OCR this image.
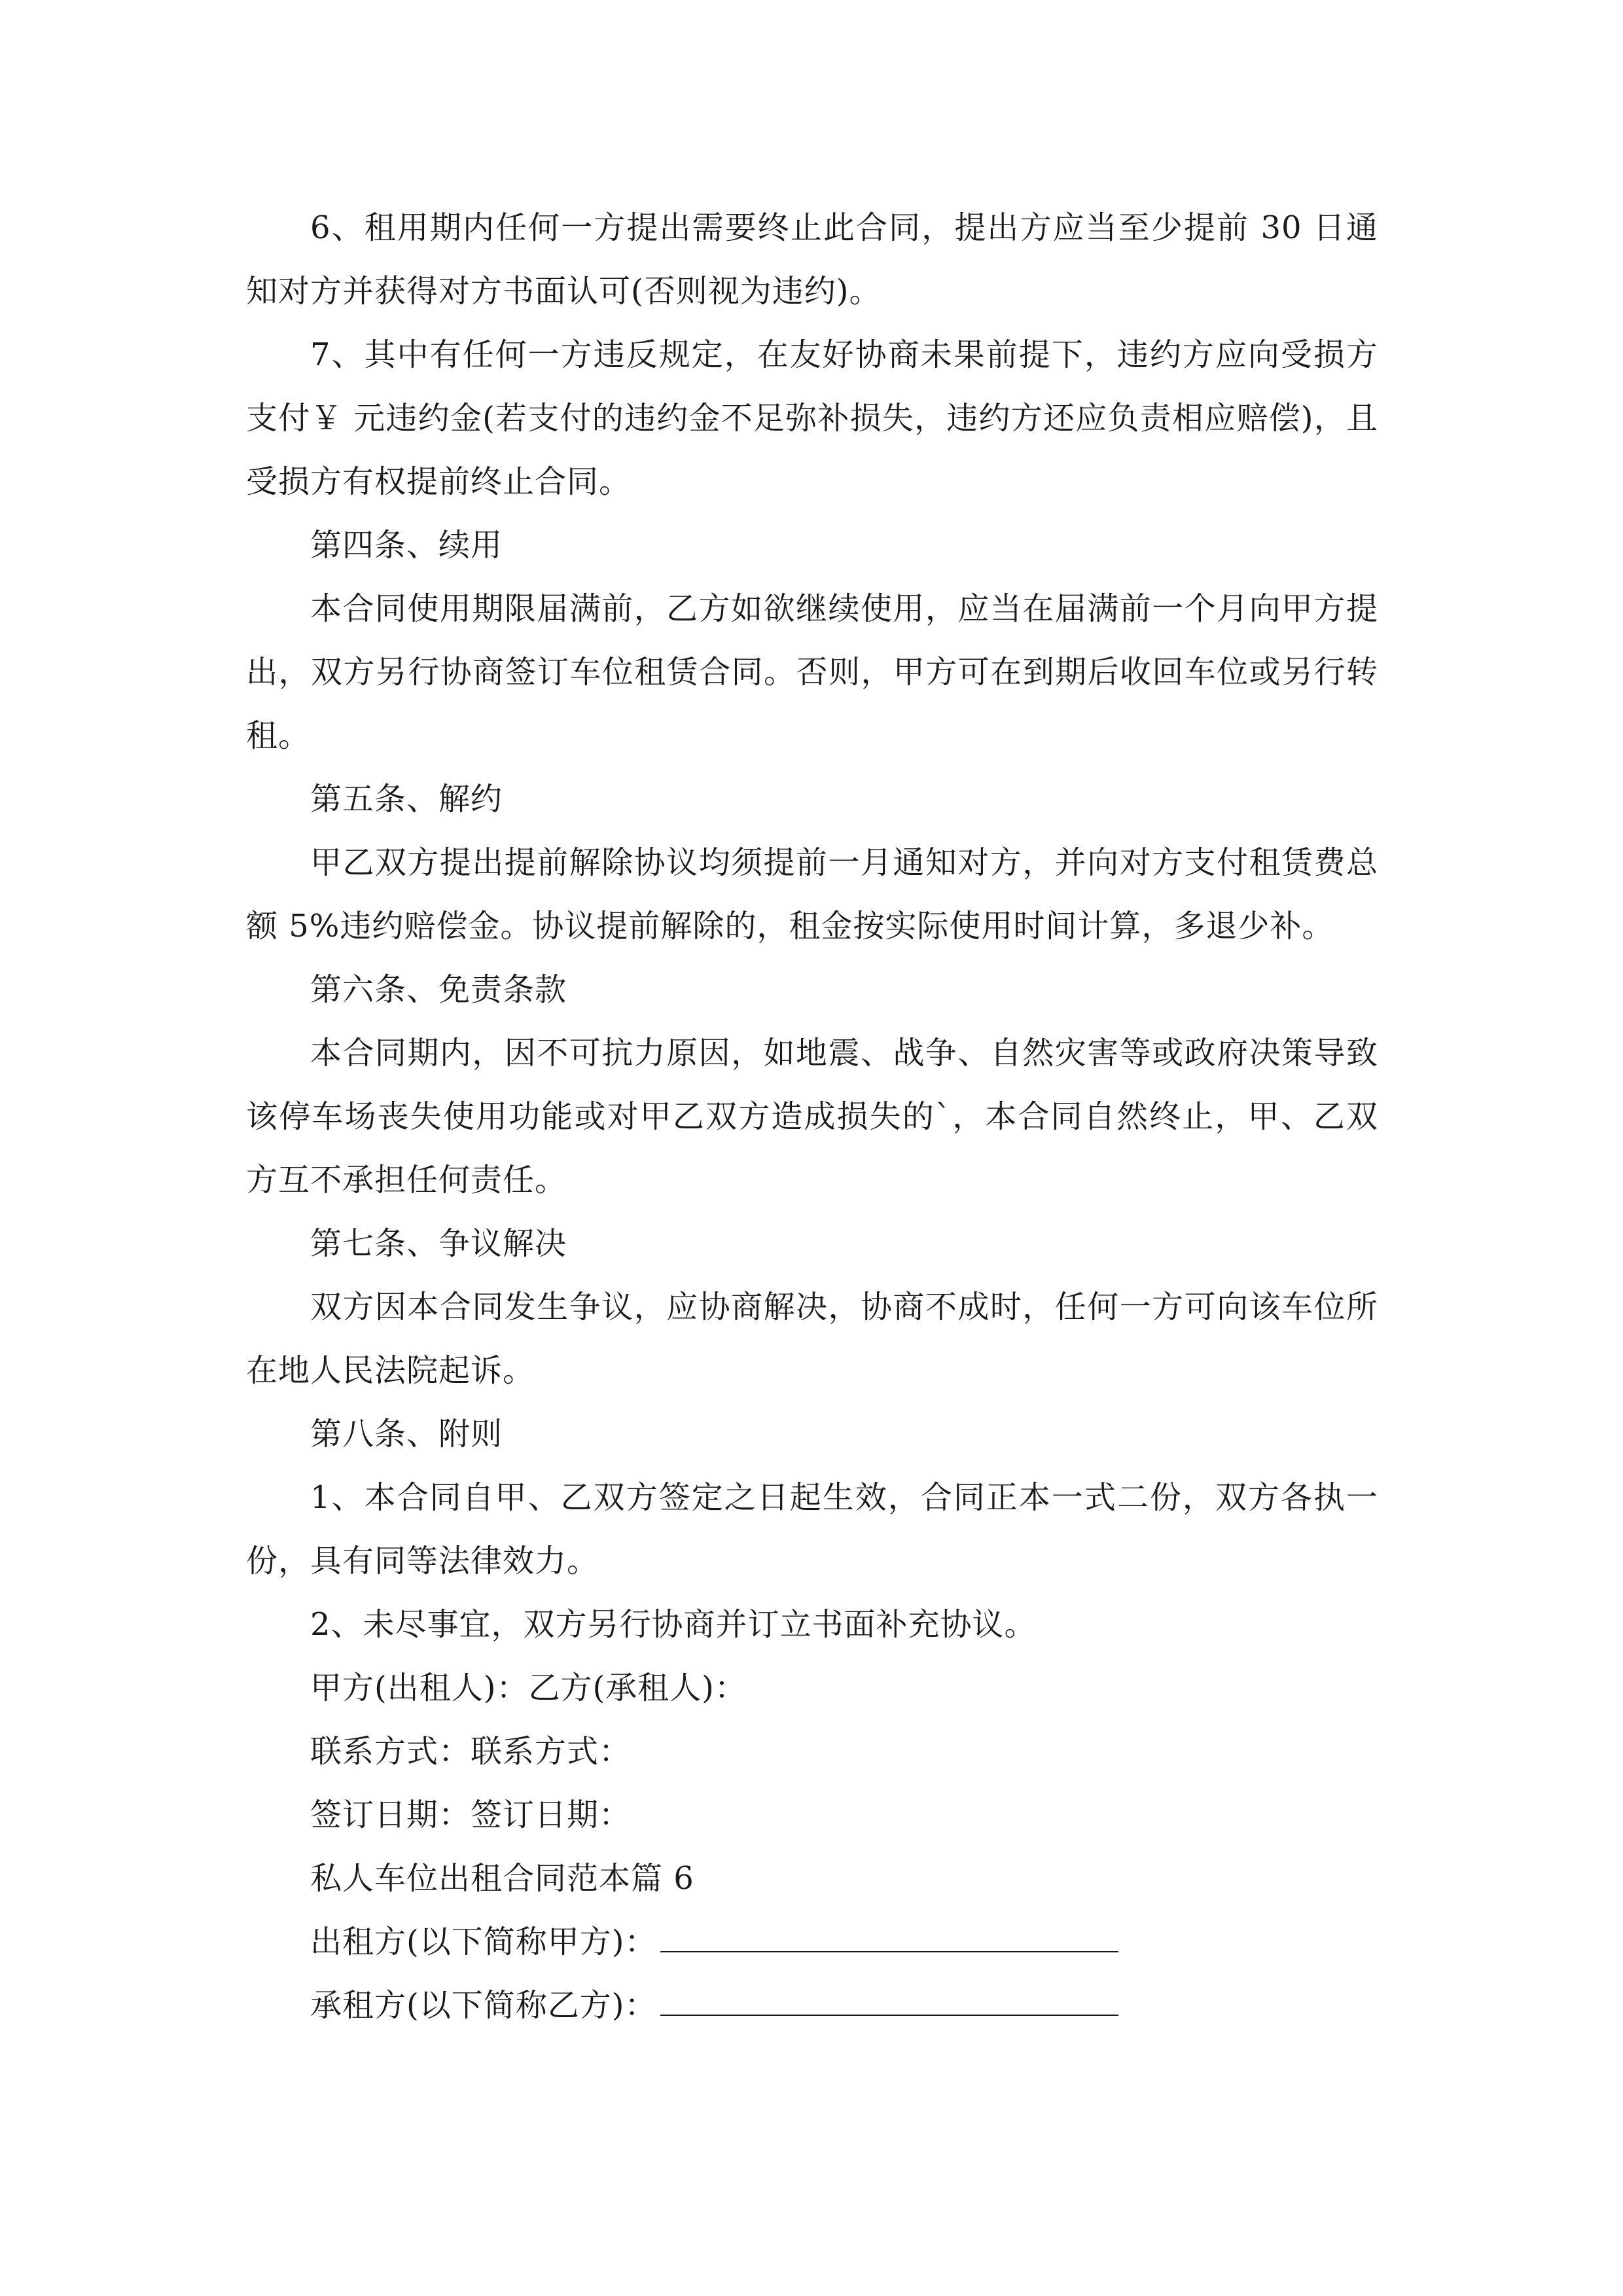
6、租用期内任何一方提出需要终止此合同，提出方应当至少提前 30 日通知对方并获得对方书面认可(否则视为违约)。

7、其中有任何一方违反规定，在友好协商未果前提下，违约方应向受损方支付￥ 元违约金(若支付的违约金不足弥补损失，违约方还应负责相应赔偿)，且受损方有权提前终止合同。

第四条、续用

本合同使用期限届满前，乙方如欲继续使用，应当在届满前一个月向甲方提出，双方另行协商签订车位租赁合同。否则，甲方可在到期后收回车位或另行转租。

第五条、解约

甲乙双方提出提前解除协议均须提前一月通知对方，并向对方支付租赁费总额 5%违约赔偿金。协议提前解除的，租金按实际使用时间计算，多退少补。

第六条、免责条款

本合同期内，因不可抗力原因，如地震、战争、自然灾害等或政府决策导致该停车场丧失使用功能或对甲乙双方造成损失的`，本合同自然终止，甲、乙双方互不承担任何责任。

第七条、争议解决

双方因本合同发生争议，应协商解决，协商不成时，任何一方可向该车位所在地人民法院起诉。

第八条、附则

1、本合同自甲、乙双方签定之日起生效，合同正本一式二份，双方各执一份，具有同等法律效力。

2、未尽事宜，双方另行协商并订立书面补充协议。

甲方(出租人)：乙方(承租人)：

联系方式：联系方式：

签订日期：签订日期：

私人车位出租合同范本篇 6

出租方(以下简称甲方)：

承租方(以下简称乙方)：
